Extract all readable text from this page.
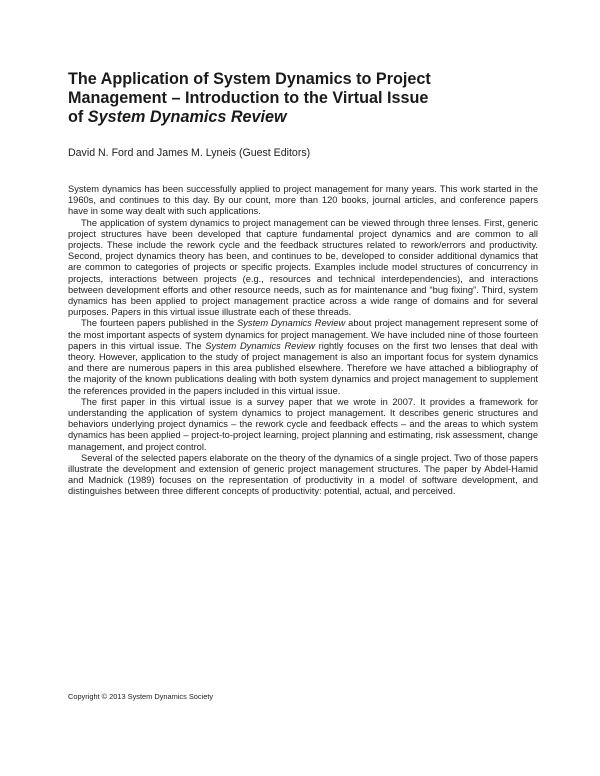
The Application of System Dynamics to Project
Management – Introduction to the Virtual Issue
of System Dynamics Review

David N. Ford and James M. Lyneis (Guest Editors)

System dynamics has been successfully applied to project management for many years. This work started in the 1960s, and continues to this day. By our count, more than 120 books, journal articles, and conference papers have in some way dealt with such applications.

The application of system dynamics to project management can be viewed through three lenses. First, generic project structures have been developed that capture fundamental project dynamics and are common to all projects. These include the rework cycle and the feedback structures related to rework/errors and productivity. Second, project dynamics theory has been, and continues to be, developed to consider additional dynamics that are common to categories of projects or specific projects. Examples include model structures of concurrency in projects, interactions between projects (e.g., resources and technical interdependencies), and interactions between development efforts and other resource needs, such as for maintenance and “bug fixing”. Third, system dynamics has been applied to project management practice across a wide range of domains and for several purposes. Papers in this virtual issue illustrate each of these threads.

The fourteen papers published in the System Dynamics Review about project management represent some of the most important aspects of system dynamics for project management. We have included nine of those fourteen papers in this virtual issue. The System Dynamics Review rightly focuses on the first two lenses that deal with theory. However, application to the study of project management is also an important focus for system dynamics and there are numerous papers in this area published elsewhere. Therefore we have attached a bibliography of the majority of the known publications dealing with both system dynamics and project management to supplement the references provided in the papers included in this virtual issue.

The first paper in this virtual issue is a survey paper that we wrote in 2007. It provides a framework for understanding the application of system dynamics to project management. It describes generic structures and behaviors underlying project dynamics – the rework cycle and feedback effects – and the areas to which system dynamics has been applied – project-to-project learning, project planning and estimating, risk assessment, change management, and project control.

Several of the selected papers elaborate on the theory of the dynamics of a single project. Two of those papers illustrate the development and extension of generic project management structures. The paper by Abdel-Hamid and Madnick (1989) focuses on the representation of productivity in a model of software development, and distinguishes between three different concepts of productivity: potential, actual, and perceived.

Copyright © 2013 System Dynamics Society
